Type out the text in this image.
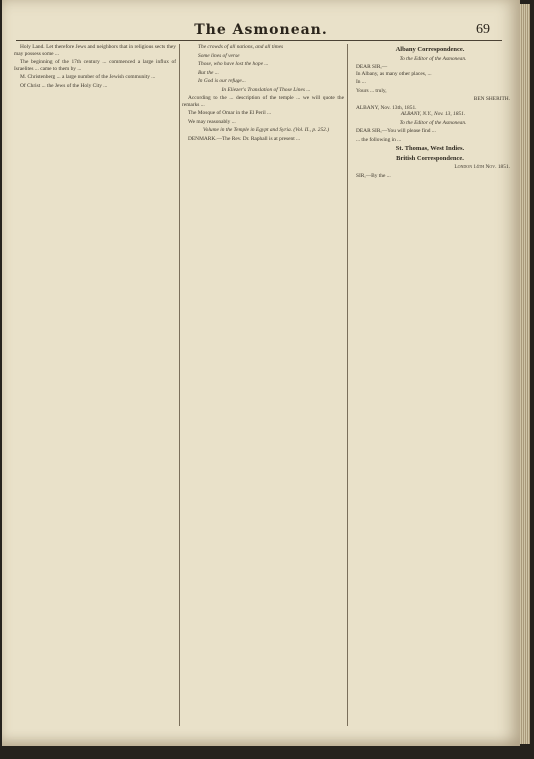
The Asmonean.	69

Holy Land. Let therefore Jews and neighbors that in religious sects they may possess some ...

The beginning of the 17th century ... commenced a large influx of Israelites ... came to them by ...

M. Christenberg ... a large number of the Jewish community ...

Of Christ ... the Jews of the Holy City ...

The crowds of all nations, and all times

Some lines of verse

Those, who have lost the hope ...

But the ...

In God is our refuge...

In Eliezer's Translation of Those Lines ...

According to the ... description of the temple ... we will quote the remarks ...

The Mosque of Omar in the El Peril ...

We may reasonably ...

Volume in the Temple in Egypt and Syria. (Vol. II., p. 252.)

DENMARK.—The Rev. Dr. Raphall is at present ...

Albany Correspondence.

To the Editor of the Asmonean.

DEAR SIR,—

In Albany, as many other places, ...

In ...

Yours ... truly,

BEN SHERITH.

ALBANY, Nov. 13th, 1851.

ALBANY, N.Y., Nov. 13, 1851.

To the Editor of the Asmonean.

DEAR SIR,—You will please find ...

... the following in ...

St. Thomas, West Indies.
British Correspondence.

London 14th Nov. 1851.

SIR,—By the ...
